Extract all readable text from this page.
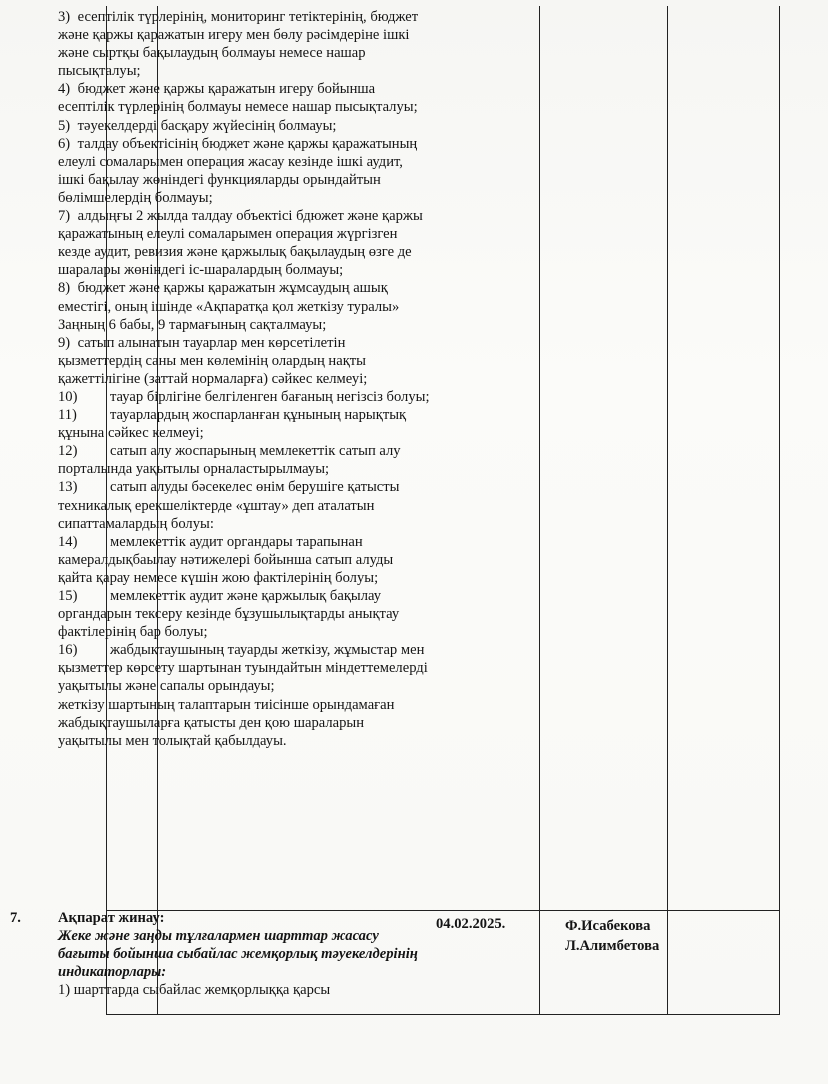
3) есептілік түрлерінің, мониторинг тетіктерінің, бюджет және қаржы қаражатын игеру мен бөлу рәсімдеріне ішкі және сыртқы бақылаудың болмауы немесе нашар пысықталуы;
4) бюджет және қаржы қаражатын игеру бойынша есептілік түрлерінің болмауы немесе нашар пысықталуы;
5) тәуекелдерді басқару жүйесінің болмауы;
6) талдау объектісінің бюджет және қаржы қаражатының елеулі сомаларымен операция жасау кезінде ішкі аудит, ішкі бақылау жөніндегі функцияларды орындайтын бөлімшелердің болмауы;
7) алдыңғы 2 жылда талдау объектісі бдюжет және қаржы қаражатының елеулі сомаларымен операция жүргізген кезде аудит, ревизия және қаржылық бақылаудың өзге де шаралары жөніндегі іс-шаралардың болмауы;
8) бюджет және қаржы қаражатын жұмсаудың ашық еместігі, оның ішінде «Ақпаратқа қол жеткізу туралы» Заңның 6 бабы, 9 тармағының сақталмауы;
9) сатып алынатын тауарлар мен көрсетілетін қызметтердің саны мен көлемінің олардың нақты қажеттілігіне (заттай нормаларға) сәйкес келмеуі;
10) тауар бірлігіне белгіленген бағаның негізсіз болуы;
11) тауарлардың жоспарланған құнының нарықтық құнына сәйкес келмеуі;
12) сатып алу жоспарының мемлекеттік сатып алу порталында уақытылы орналастырылмауы;
13) сатып алуды бәсекелес өнім берушіге қатысты техникалық ерекшеліктерде «ұштау» деп аталатын сипаттамалардың болуы:
14) мемлекеттік аудит органдары тарапынан камералдықбаылау нәтижелері бойынша сатып алуды қайта қарау немесе күшін жою фактілерінің болуы;
15) мемлекеттік аудит және қаржылық бақылау органдарын тексеру кезінде бұзушылықтарды анықтау фактілерінің бар болуы;
16) жабдықтаушының тауарды жеткізу, жұмыстар мен қызметтер көрсету шартынан туындайтын міндеттемелерді уақытылы және сапалы орындауы;
жеткізу шартының талаптарын тиісінше орындамаған жабдықтаушыларға қатысты ден қою шараларын уақытылы мен толықтай қабылдауы.
7.	Ақпарат жинау:
Жеке және заңды тұлғалармен шарттар жасасу бағыты бойынша сыбайлас жемқорлық тәуекелдерінің индикаторлары:
1) шарттарда сыбайлас жемқорлыққа қарсы
04.02.2025.	Ф.Исабекова
Л.Алимбетова
